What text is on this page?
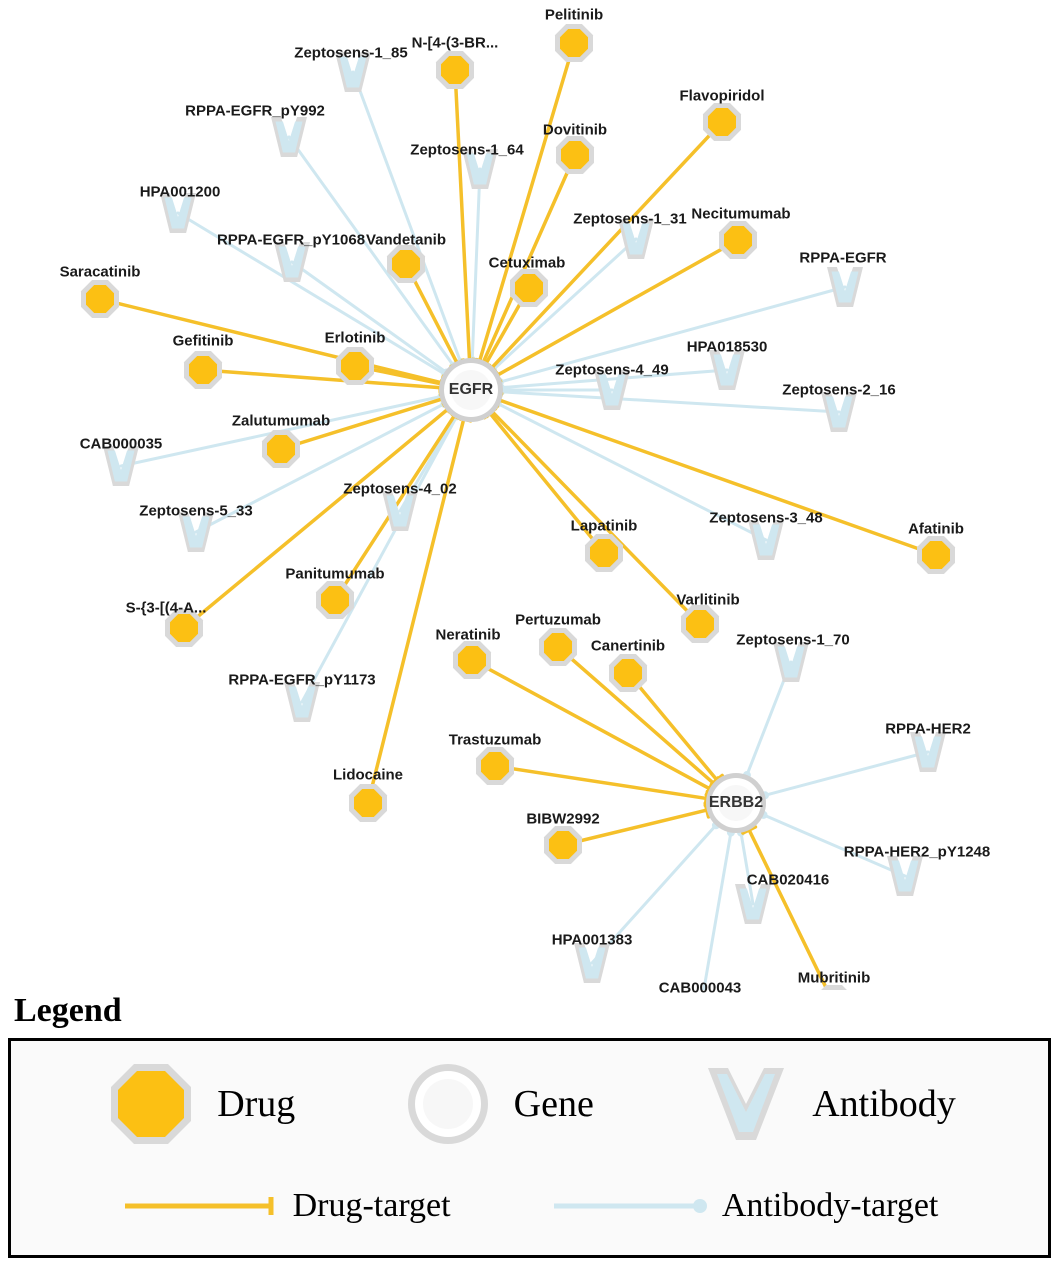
Zeptosens-1_85
RPPA-EGFR_pY992
Zeptosens-1_64
HPA001200
Zeptosens-1_31
RPPA-EGFR_pY1068
RPPA-EGFR
HPA018530
Zeptosens-4_49
Zeptosens-2_16
CAB000035
Zeptosens-4_02
Zeptosens-5_33	Zeptosens-3_48
Zeptosens-1_70
RPPA-EGFR_pY1173
RPPA-HER2
RPPA-HER2_pY1248
CAB020416
HPA001383
CAB000043
Pelitinib
N-[4-(3-BR...
Flavopiridol
Dovitinib
Necitumumab
Vandetanib
Cetuximab
Saracatinib
Gefitinib	Erlotinib
Zalutumumab
Afatinib
Lapatinib
Varlitinib
Panitumumab
S-{3-[(4-A...
Pertuzumab
Neratinib
Canertinib
Trastuzumab
Lidocaine
BIBW2992
Mubritinib
EGFR
ERBB2
Legend
Drug	Gene	Antibody
Drug-target	Antibody-target
